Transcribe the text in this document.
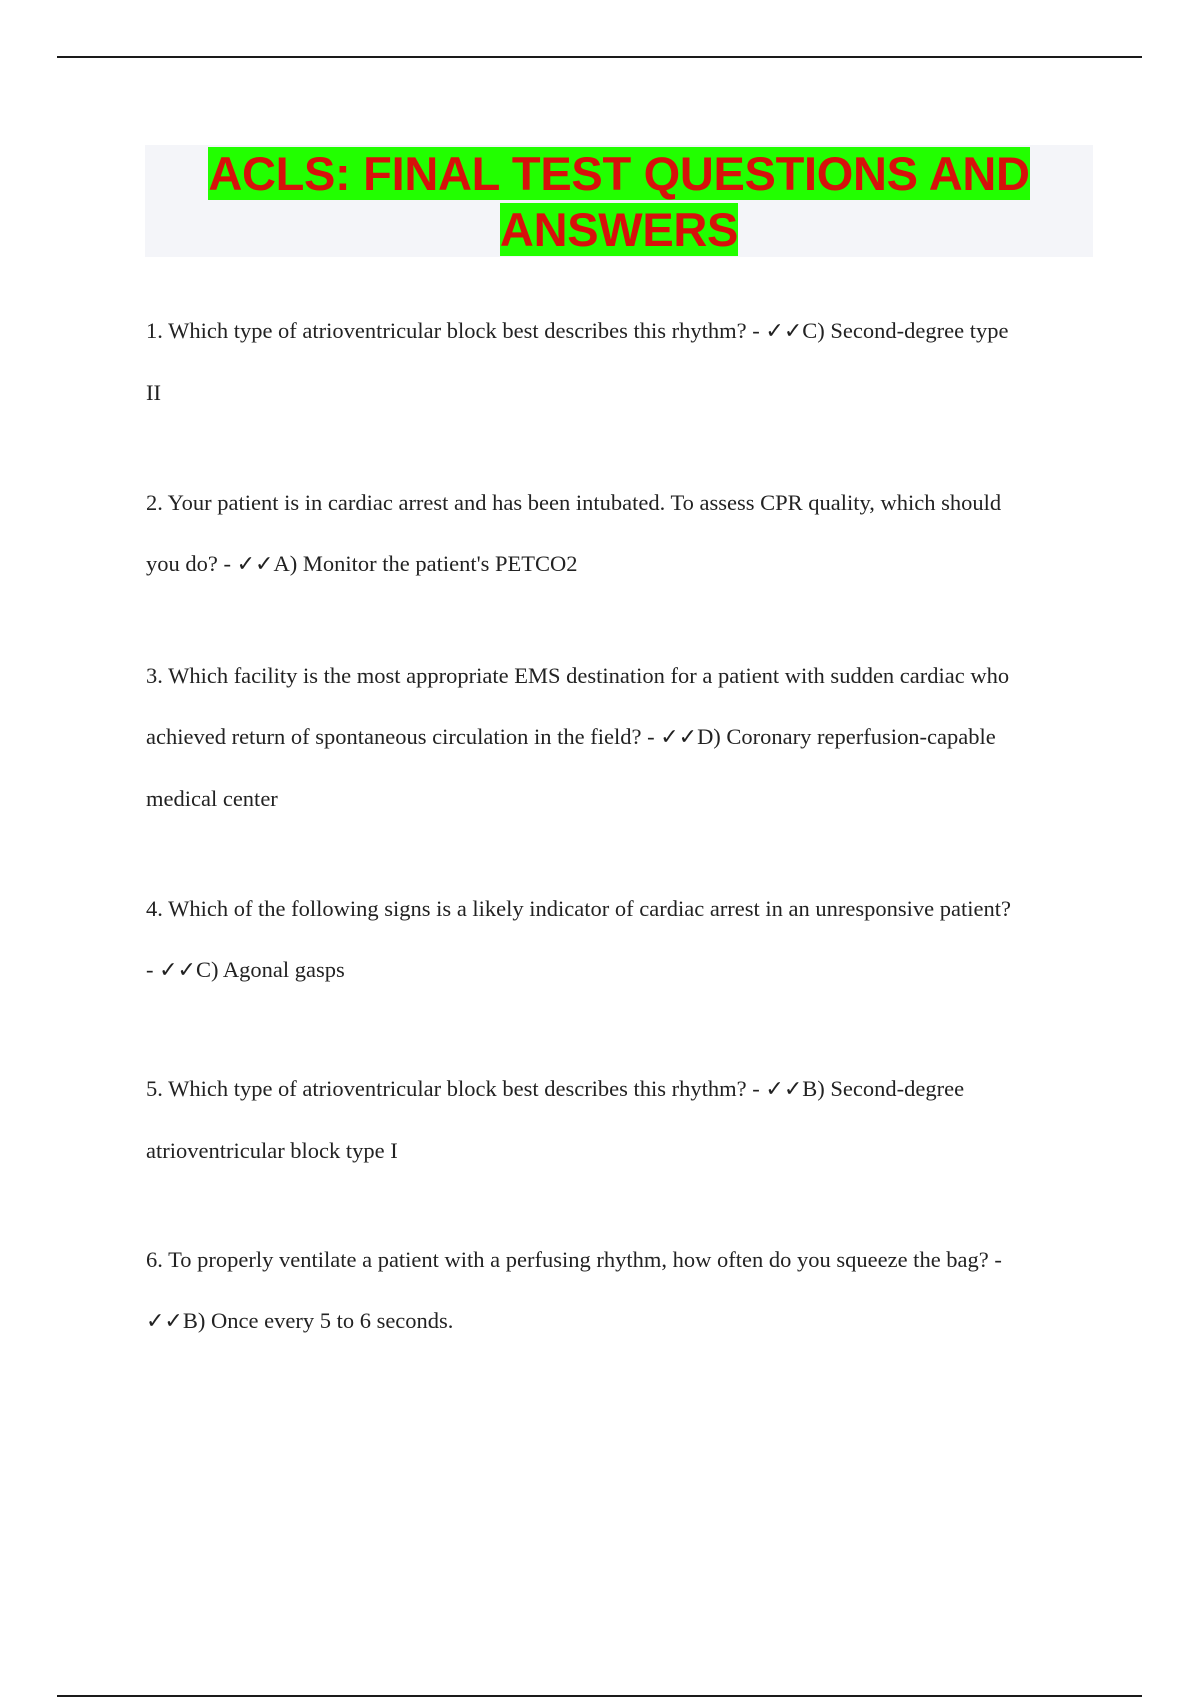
ACLS: FINAL TEST QUESTIONS AND
ANSWERS

1. Which type of atrioventricular block best describes this rhythm? - ✓✓C) Second-degree type

II

2. Your patient is in cardiac arrest and has been intubated. To assess CPR quality, which should

you do? - ✓✓A) Monitor the patient's PETCO2

3. Which facility is the most appropriate EMS destination for a patient with sudden cardiac who

achieved return of spontaneous circulation in the field? - ✓✓D) Coronary reperfusion-capable

medical center

4. Which of the following signs is a likely indicator of cardiac arrest in an unresponsive patient?

- ✓✓C) Agonal gasps

5. Which type of atrioventricular block best describes this rhythm? - ✓✓B) Second-degree

atrioventricular block type I

6. To properly ventilate a patient with a perfusing rhythm, how often do you squeeze the bag? -

✓✓B) Once every 5 to 6 seconds.
